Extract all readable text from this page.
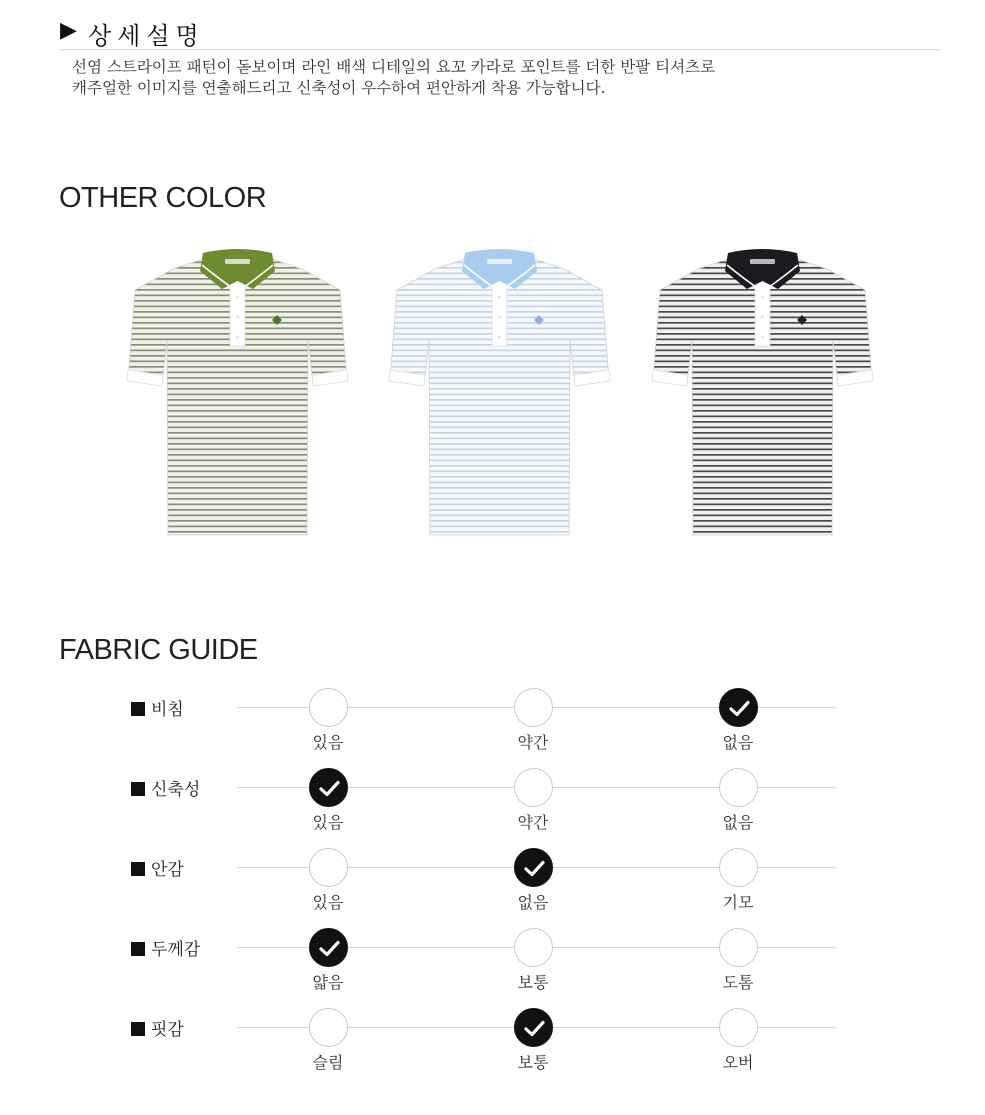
▶ 상세설명
선염 스트라이프 패턴이 돋보이며 라인 배색 디테일의 요꼬 카라로 포인트를 더한 반팔 티셔츠로
캐주얼한 이미지를 연출해드리고 신축성이 우수하여 편안하게 착용 가능합니다.
OTHER COLOR
FABRIC GUIDE
비침
있음	약간	없음
신축성
있음	약간	없음
안감
있음	없음	기모
두께감
얇음	보통	도톰
핏감
슬림	보통	오버
